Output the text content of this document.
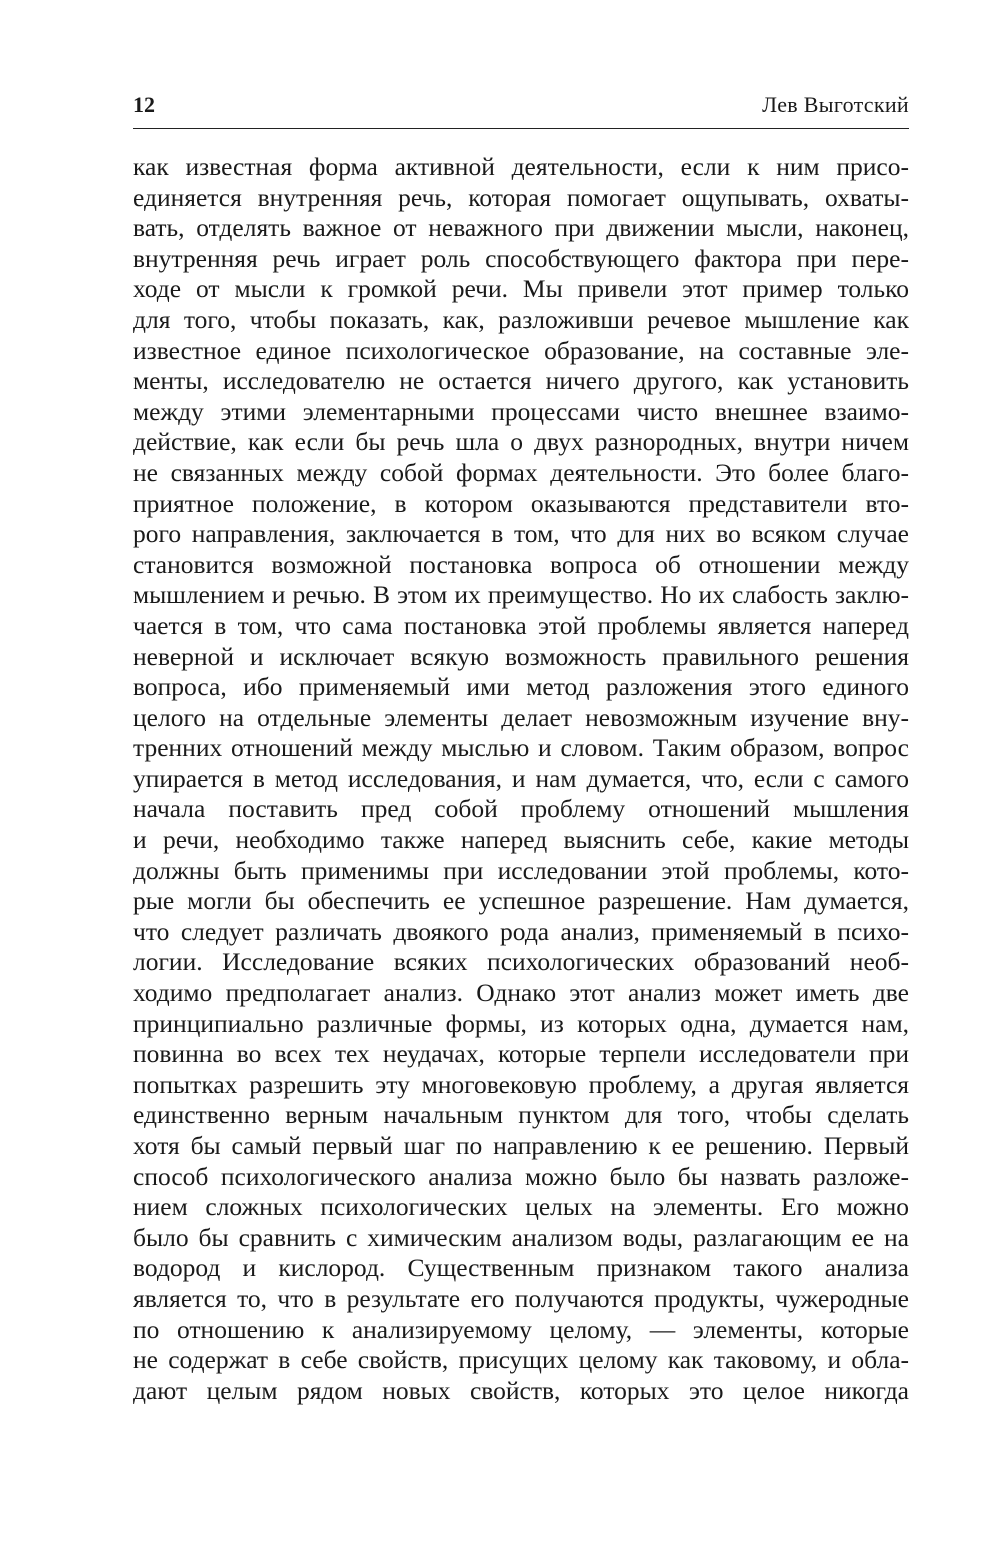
12	Лев Выготский
как известная форма активной деятельности, если к ним присо-
единяется внутренняя речь, которая помогает ощупывать, охваты-
вать, отделять важное от неважного при движении мысли, наконец,
внутренняя речь играет роль способствующего фактора при пере-
ходе от мысли к громкой речи. Мы привели этот пример только
для того, чтобы показать, как, разложивши речевое мышление как
известное единое психологическое образование, на составные эле-
менты, исследователю не остается ничего другого, как установить
между этими элементарными процессами чисто внешнее взаимо-
действие, как если бы речь шла о двух разнородных, внутри ничем
не связанных между собой формах деятельности. Это более благо-
приятное положение, в котором оказываются представители вто-
рого направления, заключается в том, что для них во всяком случае
становится возможной постановка вопроса об отношении между
мышлением и речью. В этом их преимущество. Но их слабость заклю-
чается в том, что сама постановка этой проблемы является наперед
неверной и исключает всякую возможность правильного решения
вопроса, ибо применяемый ими метод разложения этого единого
целого на отдельные элементы делает невозможным изучение вну-
тренних отношений между мыслью и словом. Таким образом, вопрос
упирается в метод исследования, и нам думается, что, если с самого
начала поставить пред собой проблему отношений мышления
и речи, необходимо также наперед выяснить себе, какие методы
должны быть применимы при исследовании этой проблемы, кото-
рые могли бы обеспечить ее успешное разрешение. Нам думается,
что следует различать двоякого рода анализ, применяемый в психо-
логии. Исследование всяких психологических образований необ-
ходимо предполагает анализ. Однако этот анализ может иметь две
принципиально различные формы, из которых одна, думается нам,
повинна во всех тех неудачах, которые терпели исследователи при
попытках разрешить эту многовековую проблему, а другая является
единственно верным начальным пунктом для того, чтобы сделать
хотя бы самый первый шаг по направлению к ее решению. Первый
способ психологического анализа можно было бы назвать разложе-
нием сложных психологических целых на элементы. Его можно
было бы сравнить с химическим анализом воды, разлагающим ее на
водород и кислород. Существенным признаком такого анализа
является то, что в результате его получаются продукты, чужеродные
по отношению к анализируемому целому, — элементы, которые
не содержат в себе свойств, присущих целому как таковому, и обла-
дают целым рядом новых свойств, которых это целое никогда
